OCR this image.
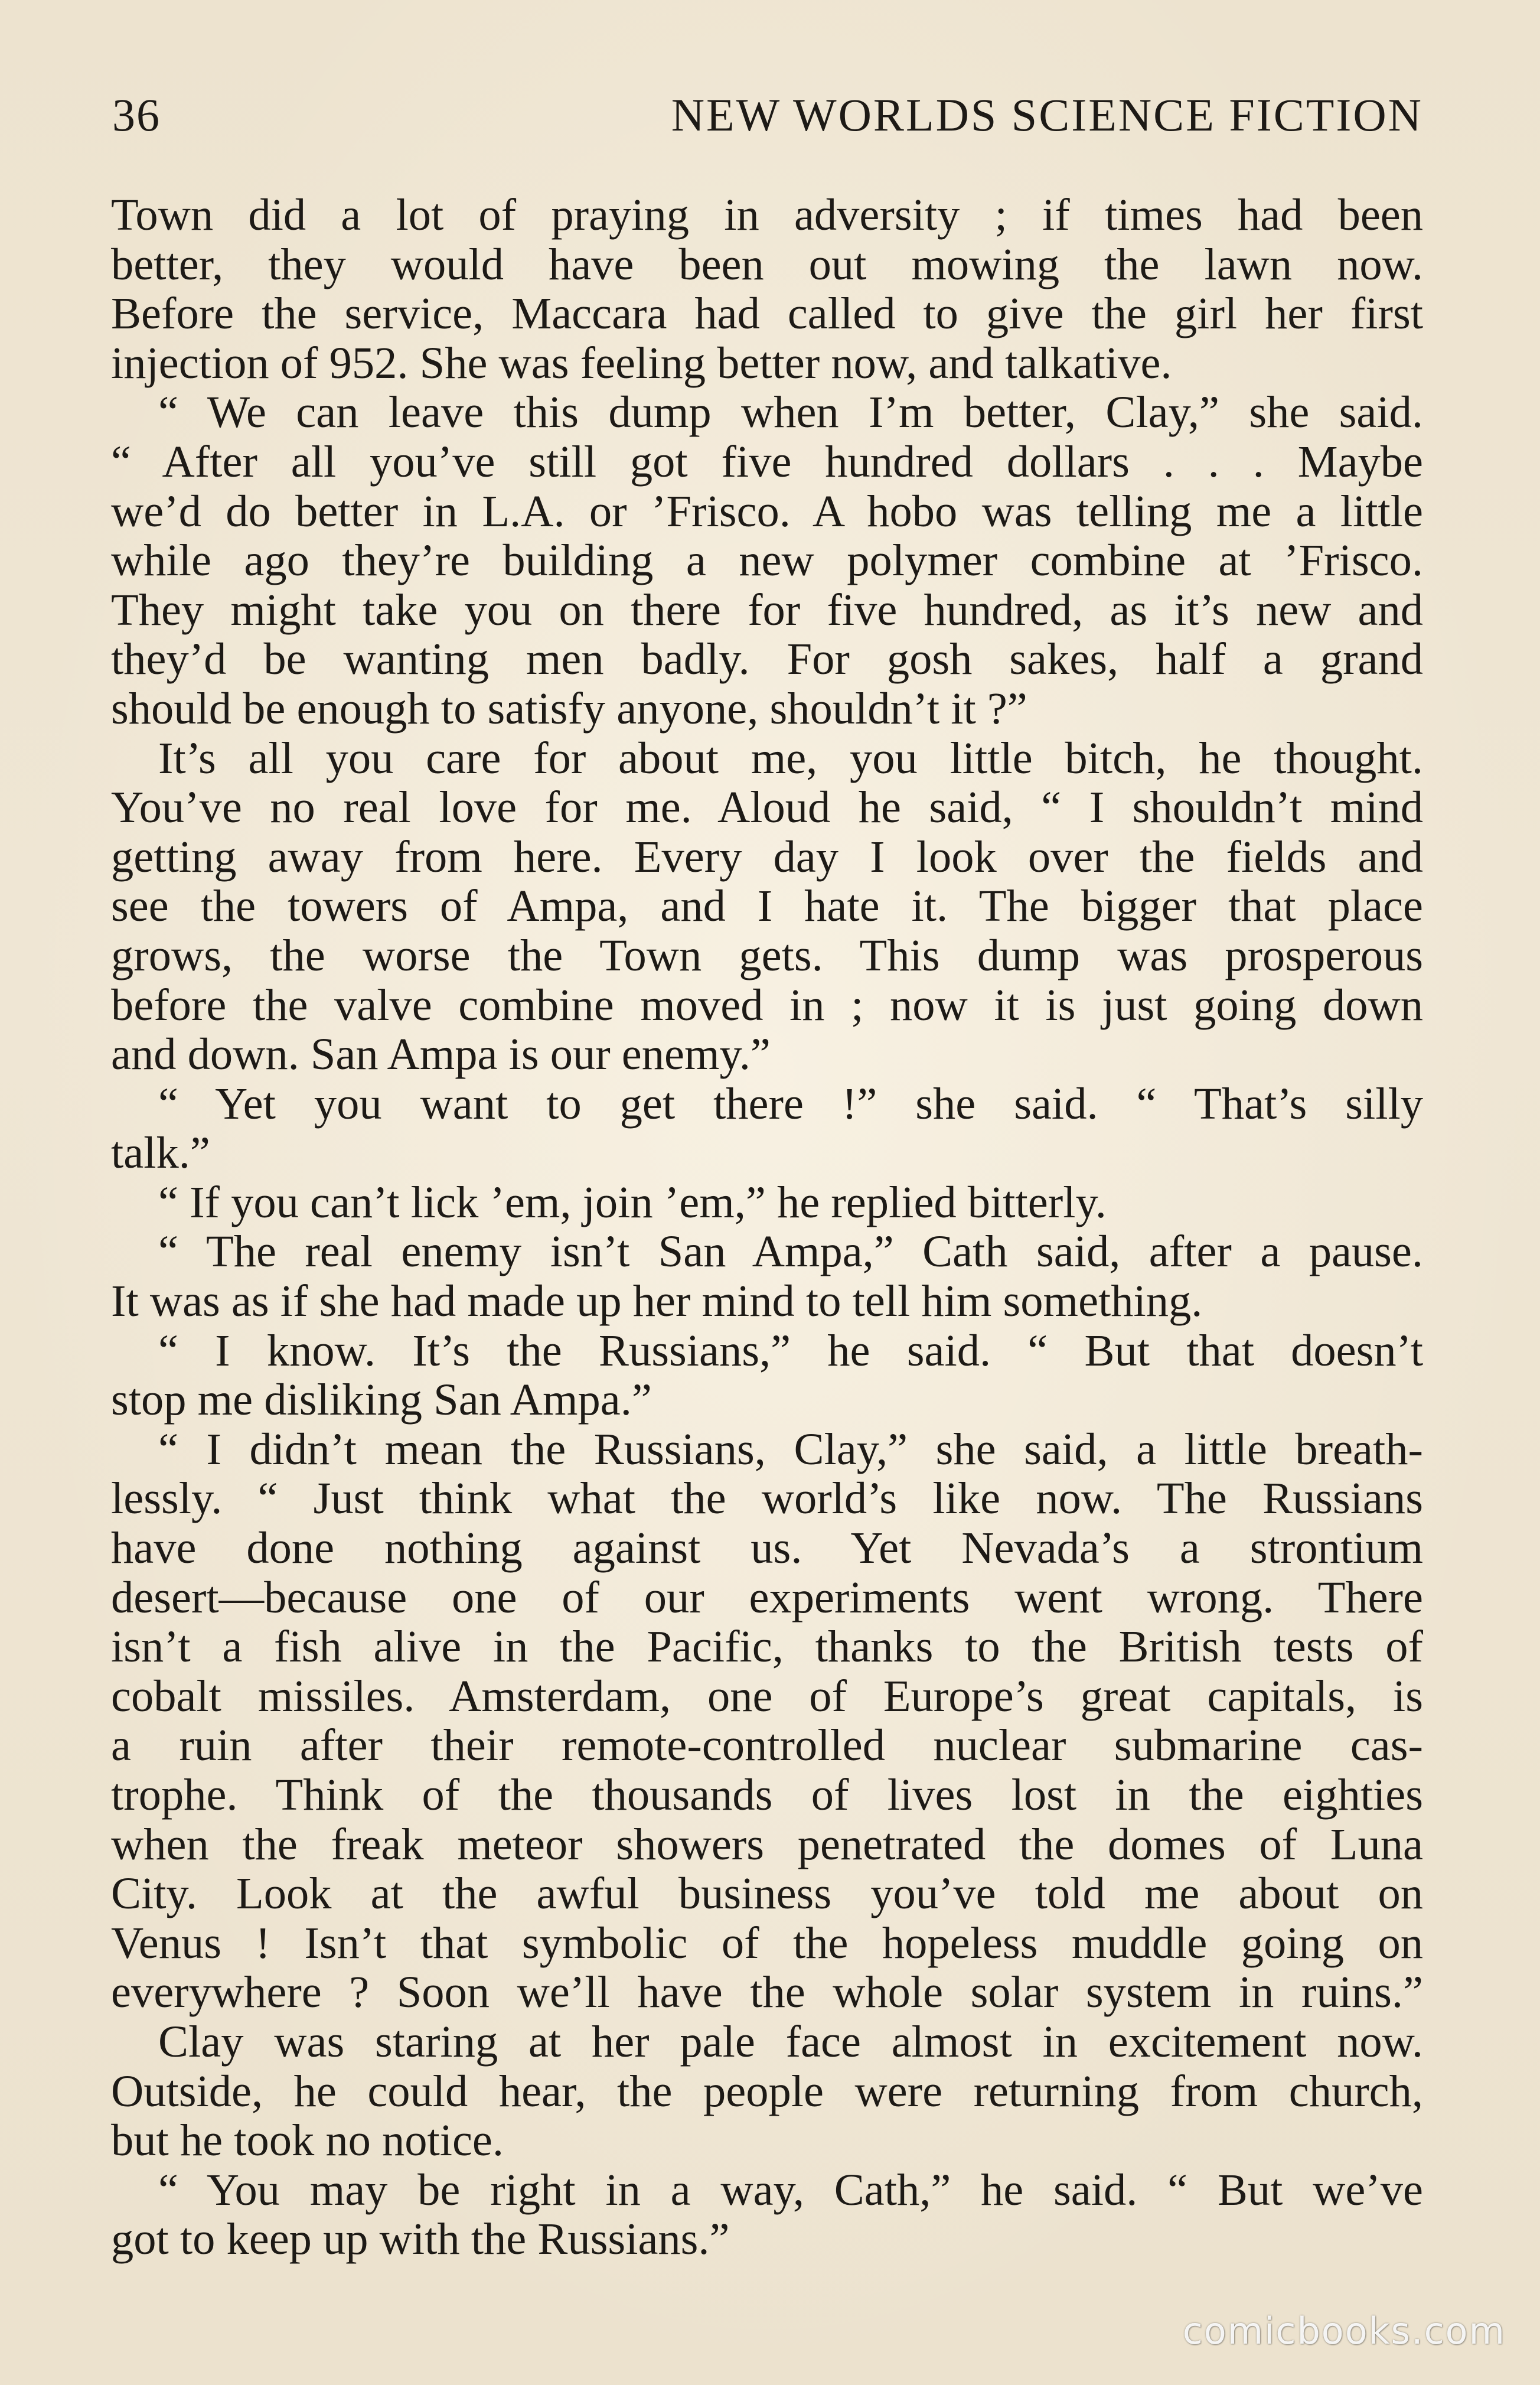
36	NEW WORLDS SCIENCE FICTION
Town did a lot of praying in adversity ; if times had been
better, they would have been out mowing the lawn now.
Before the service, Maccara had called to give the girl her first
injection of 952. She was feeling better now, and talkative.
“ We can leave this dump when I’m better, Clay,” she said.
“ After all you’ve still got five hundred dollars . . . Maybe
we’d do better in L.A. or ’Frisco. A hobo was telling me a little
while ago they’re building a new polymer combine at ’Frisco.
They might take you on there for five hundred, as it’s new and
they’d be wanting men badly. For gosh sakes, half a grand
should be enough to satisfy anyone, shouldn’t it ?”
It’s all you care for about me, you little bitch, he thought.
You’ve no real love for me. Aloud he said, “ I shouldn’t mind
getting away from here. Every day I look over the fields and
see the towers of Ampa, and I hate it. The bigger that place
grows, the worse the Town gets. This dump was prosperous
before the valve combine moved in ; now it is just going down
and down. San Ampa is our enemy.”
“ Yet you want to get there !” she said. “ That’s silly
talk.”
“ If you can’t lick ’em, join ’em,” he replied bitterly.
“ The real enemy isn’t San Ampa,” Cath said, after a pause.
It was as if she had made up her mind to tell him something.
“ I know. It’s the Russians,” he said. “ But that doesn’t
stop me disliking San Ampa.”
“ I didn’t mean the Russians, Clay,” she said, a little breath-
lessly. “ Just think what the world’s like now. The Russians
have done nothing against us. Yet Nevada’s a strontium
desert—because one of our experiments went wrong. There
isn’t a fish alive in the Pacific, thanks to the British tests of
cobalt missiles. Amsterdam, one of Europe’s great capitals, is
a ruin after their remote-controlled nuclear submarine cas-
trophe. Think of the thousands of lives lost in the eighties
when the freak meteor showers penetrated the domes of Luna
City. Look at the awful business you’ve told me about on
Venus ! Isn’t that symbolic of the hopeless muddle going on
everywhere ? Soon we’ll have the whole solar system in ruins.”
Clay was staring at her pale face almost in excitement now.
Outside, he could hear, the people were returning from church,
but he took no notice.
“ You may be right in a way, Cath,” he said. “ But we’ve
got to keep up with the Russians.”
comicbooks.com
